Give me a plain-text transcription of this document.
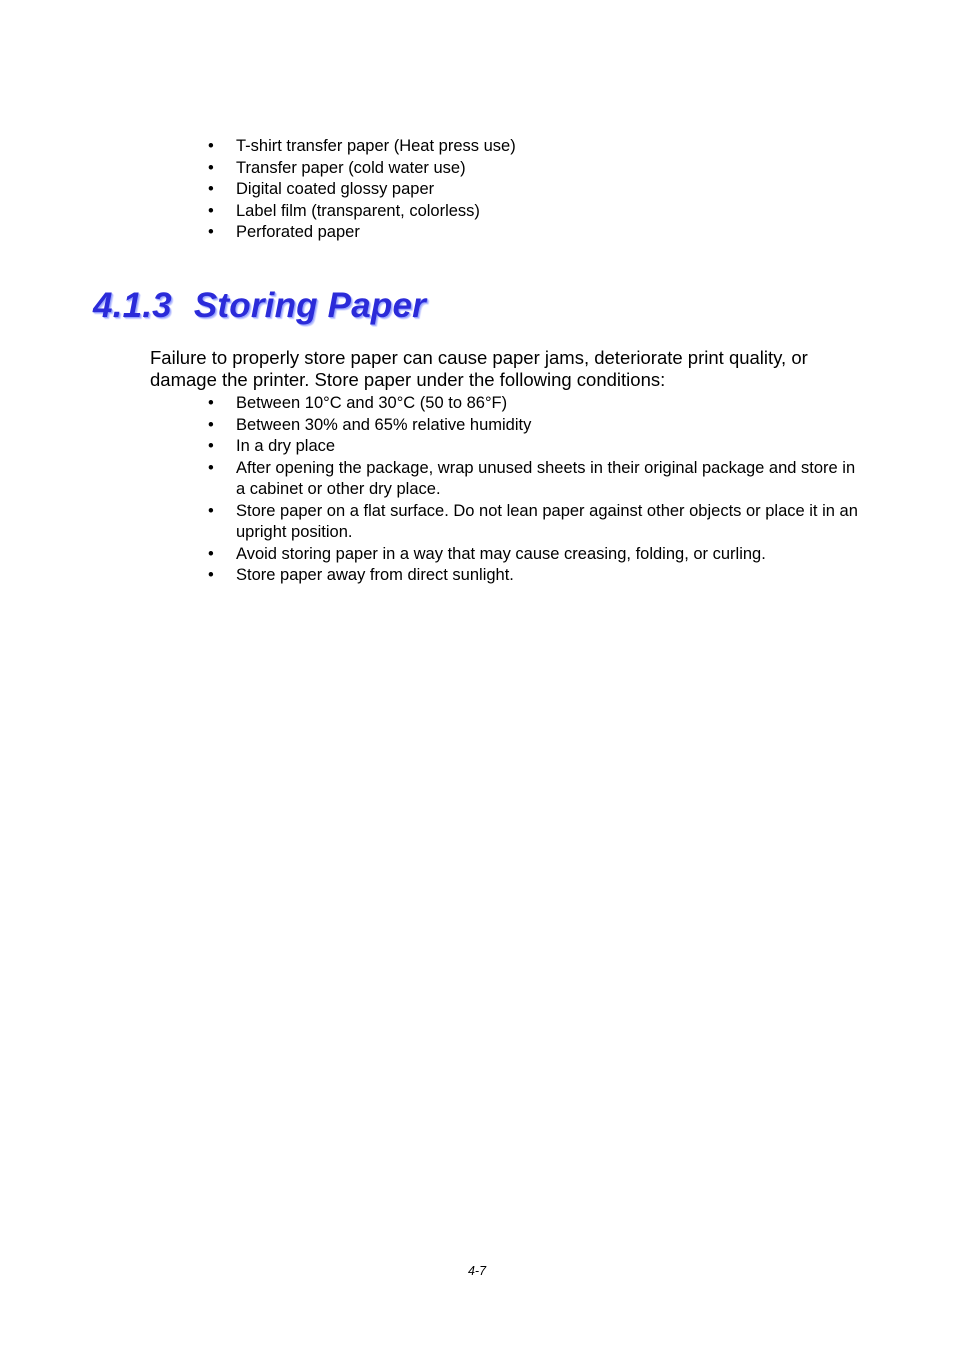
• T-shirt transfer paper (Heat press use)
• Transfer paper (cold water use)
• Digital coated glossy paper
• Label film (transparent, colorless)
• Perforated paper
4.1.3 Storing Paper

Failure to properly store paper can cause paper jams, deteriorate print quality, or damage the printer. Store paper under the following conditions:

• Between 10°C and 30°C (50 to 86°F)
• Between 30% and 65% relative humidity
• In a dry place
• After opening the package, wrap unused sheets in their original package and store in a cabinet or other dry place.
• Store paper on a flat surface. Do not lean paper against other objects or place it in an upright position.
• Avoid storing paper in a way that may cause creasing, folding, or curling.
• Store paper away from direct sunlight.

4-7
